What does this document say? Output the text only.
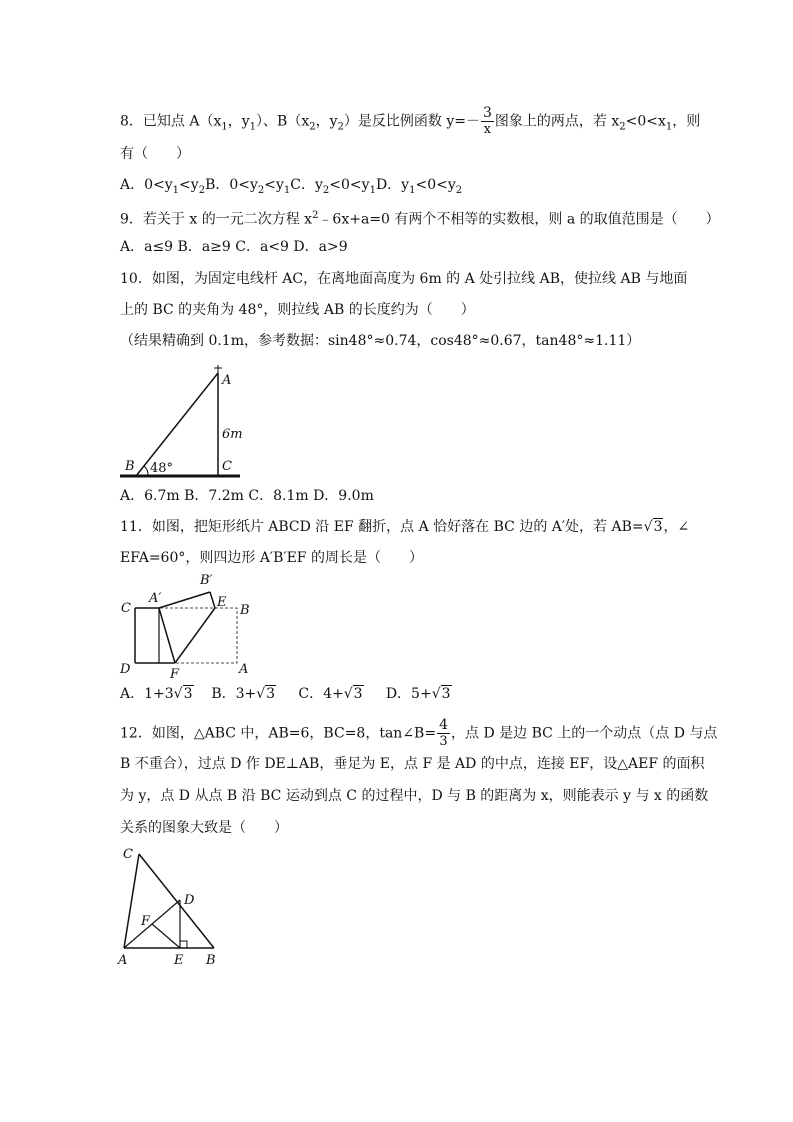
8．已知点 $A(x_1$，$y_1$）、$B(x_2$，$y_2$）是反比例函数 $y=- \frac{3}{x}$ 图象上的两点，若 $x_2<0<x_1$，则
有（　　）
A．$0<y_1<y_2B$．$0<y_2<y_1C$．$y_2<0<y_1D$．$y_1<0<y_2$
9．若关于 x 的一元二次方程 $x^2﹣6x+a=0$ 有两个不相等的实数根，则 a 的取值范围是（　　）
A．a≤9 B．a≥9 C．a<9 D．a>9
10．如图，为固定电线杆 AC，在离地面高度为 6m 的 A 处引拉线 AB，使拉线 AB 与地面
上的 BC 的夹角为 48°，则拉线 AB 的长度约为（　　）
（结果精确到 0.1m，参考数据：sin48°≈0.74，cos48°≈0.67，tan48°≈1.11）
A
6m
C
B 48°
A．6.7m B．7.2m C．8.1m D．9.0m
11．如图，把矩形纸片 ABCD 沿 EF 翻折，点 A 恰好落在 BC 边的 A′处，若 AB=√3，∠
EFA=60°，则四边形 A′B′EF 的周长是（　　）
C
A′
B′
E
B
D	F	A
A．1+3√3 B．3+√3 C．4+√3 D．5+√3
12．如图，△ABC 中，AB=6，BC=8，tan∠B= $\frac{4}{3}$ ，点 D 是边 BC 上的一个动点（点 D 与点
B 不重合），过点 D 作 DE⊥AB，垂足为 E，点 F 是 AD 的中点，连接 EF，设△AEF 的面积
为 y，点 D 从点 B 沿 BC 运动到点 C 的过程中，D 与 B 的距离为 x，则能表示 y 与 x 的函数
关系的图象大致是（　　）
C
D
F
A	E B
